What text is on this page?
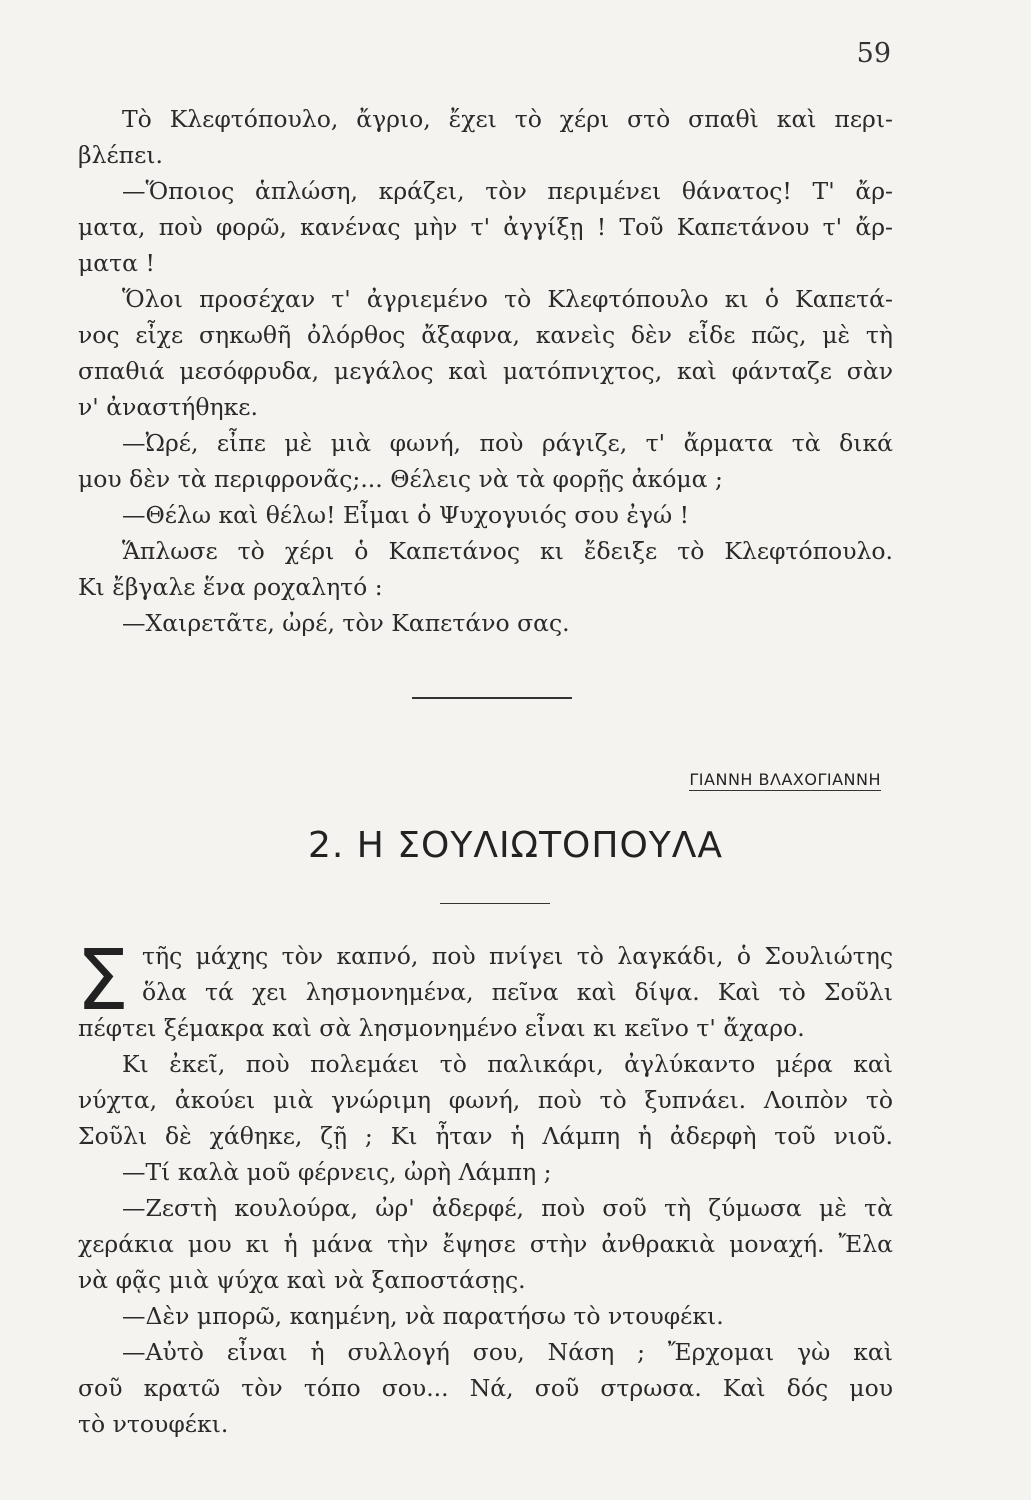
59
Τὸ Κλεφτόπουλο, ἄγριο, ἔχει τὸ χέρι στὸ σπαθὶ καὶ περι-
βλέπει.
—Ὅποιος ἁπλώση, κράζει, τὸν περιμένει θάνατος! Τ' ἄρ-
ματα, ποὺ φορῶ, κανένας μὴν τ' ἀγγίξῃ ! Τοῦ Καπετάνου τ' ἄρ-
ματα !
Ὅλοι προσέχαν τ' ἀγριεμένο τὸ Κλεφτόπουλο κι ὁ Καπετά-
νος εἶχε σηκωθῆ ὀλόρθος ἄξαφνα, κανεὶς δὲν εἶδε πῶς, μὲ τὴ
σπαθιά μεσόφρυδα, μεγάλος καὶ ματόπνιχτος, καὶ φάνταζε σὰν
ν' ἀναστήθηκε.
—Ὠρέ, εἶπε μὲ μιὰ φωνή, ποὺ ράγιζε, τ' ἄρματα τὰ δικά
μου δὲν τὰ περιφρονᾶς;... Θέλεις νὰ τὰ φορῇς ἀκόμα ;
—Θέλω καὶ θέλω! Εἶμαι ὁ Ψυχογυιός σου ἐγώ !
Ἅπλωσε τὸ χέρι ὁ Καπετάνος κι ἔδειξε τὸ Κλεφτόπουλο.
Κι ἔβγαλε ἕνα ροχαλητό :
—Χαιρετᾶτε, ὠρέ, τὸν Καπετάνο σας.
ΓΙΑΝΝΗ ΒΛΑΧΟΓΙΑΝΝΗ
2. Η ΣΟΥΛΙΩΤΟΠΟΥΛΑ
Σ τῆς μάχης τὸν καπνό, ποὺ πνίγει τὸ λαγκάδι, ὁ Σουλιώτης
ὅλα τά χει λησμονημένα, πεῖνα καὶ δίψα. Καὶ τὸ Σοῦλι
πέφτει ξέμακρα καὶ σὰ λησμονημένο εἶναι κι κεῖνο τ' ἄχαρο.
Κι ἐκεῖ, ποὺ πολεμάει τὸ παλικάρι, ἀγλύκαντο μέρα καὶ
νύχτα, ἀκούει μιὰ γνώριμη φωνή, ποὺ τὸ ξυπνάει. Λοιπὸν τὸ
Σοῦλι δὲ χάθηκε, ζῇ ; Κι ἦταν ἡ Λάμπη ἡ ἀδερφὴ τοῦ νιοῦ.
—Τί καλὰ μοῦ φέρνεις, ὠρὴ Λάμπη ;
—Ζεστὴ κουλούρα, ὠρ' ἀδερφέ, ποὺ σοῦ τὴ ζύμωσα μὲ τὰ
χεράκια μου κι ἡ μάνα τὴν ἔψησε στὴν ἀνθρακιὰ μοναχή. Ἔλα
νὰ φᾷς μιὰ ψύχα καὶ νὰ ξαποστάσῃς.
—Δὲν μπορῶ, καημένη, νὰ παρατήσω τὸ ντουφέκι.
—Αὐτὸ εἶναι ἡ συλλογή σου, Νάση ; Ἔρχομαι γὼ καὶ
σοῦ κρατῶ τὸν τόπο σου... Νά, σοῦ στρωσα. Καὶ δός μου
τὸ ντουφέκι.
